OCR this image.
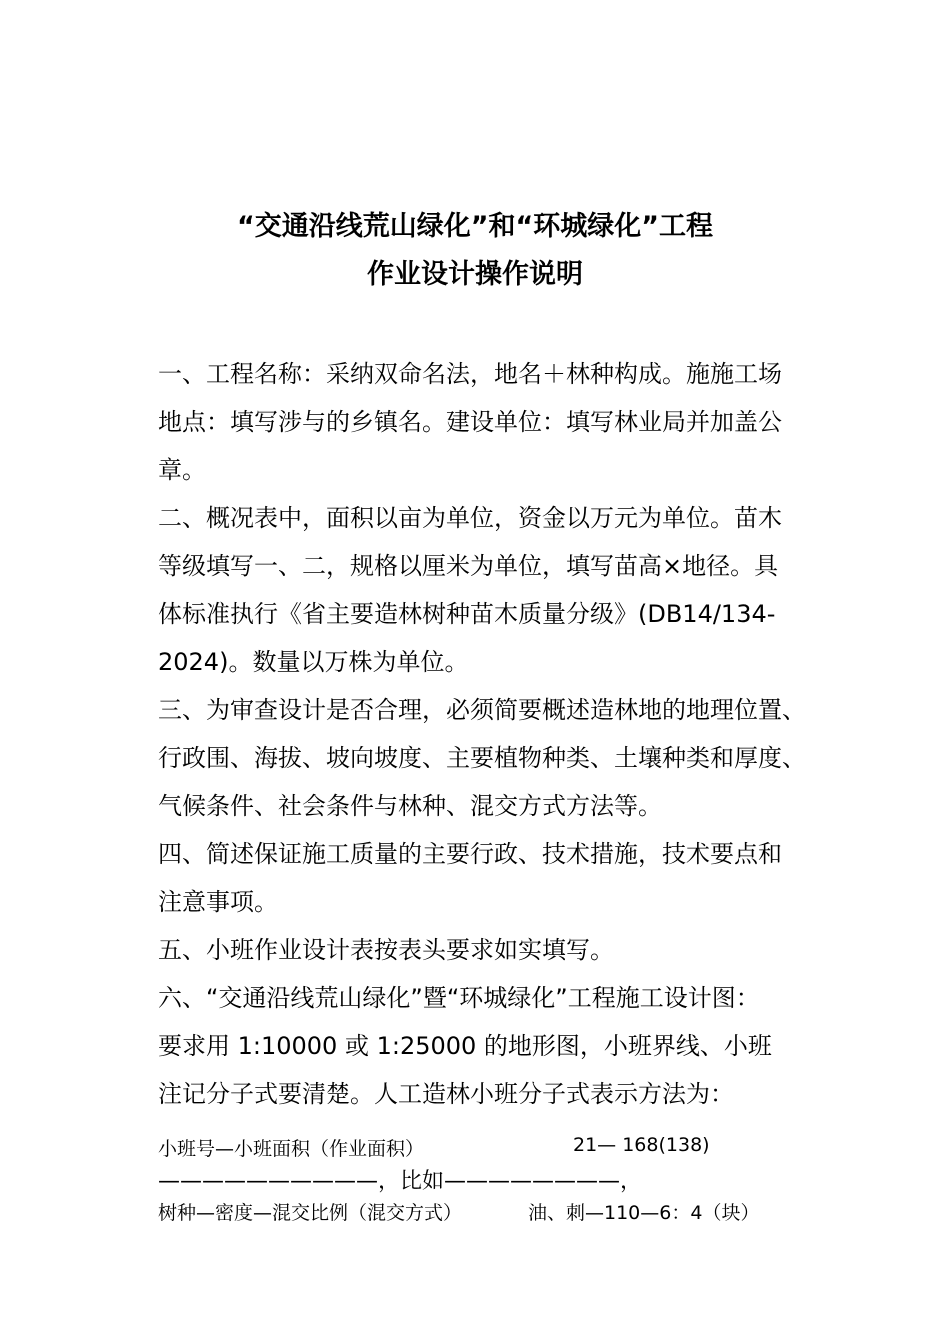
“交通沿线荒山绿化”和“环城绿化”工程
作业设计操作说明

一、工程名称：采纳双命名法，地名＋林种构成。施施工场
地点：填写涉与的乡镇名。建设单位：填写林业局并加盖公
章。

二、概况表中，面积以亩为单位，资金以万元为单位。苗木
等级填写一、二，规格以厘米为单位，填写苗高×地径。具
体标准执行《省主要造林树种苗木质量分级》(DB14/134-
2024)。数量以万株为单位。

三、为审查设计是否合理，必须简要概述造林地的地理位置、
行政围、海拔、坡向坡度、主要植物种类、土壤种类和厚度、
气候条件、社会条件与林种、混交方式方法等。

四、简述保证施工质量的主要行政、技术措施，技术要点和
注意事项。

五、小班作业设计表按表头要求如实填写。

六、“交通沿线荒山绿化”暨“环城绿化”工程施工设计图：
要求用 1:10000 或 1:25000 的地形图，小班界线、小班
注记分子式要清楚。人工造林小班分子式表示方法为：

小班号—小班面积（作业面积）	21— 168(138)
——————————，比如————————，
树种—密度—混交比例（混交方式）	油、刺—110—6：4（块）
